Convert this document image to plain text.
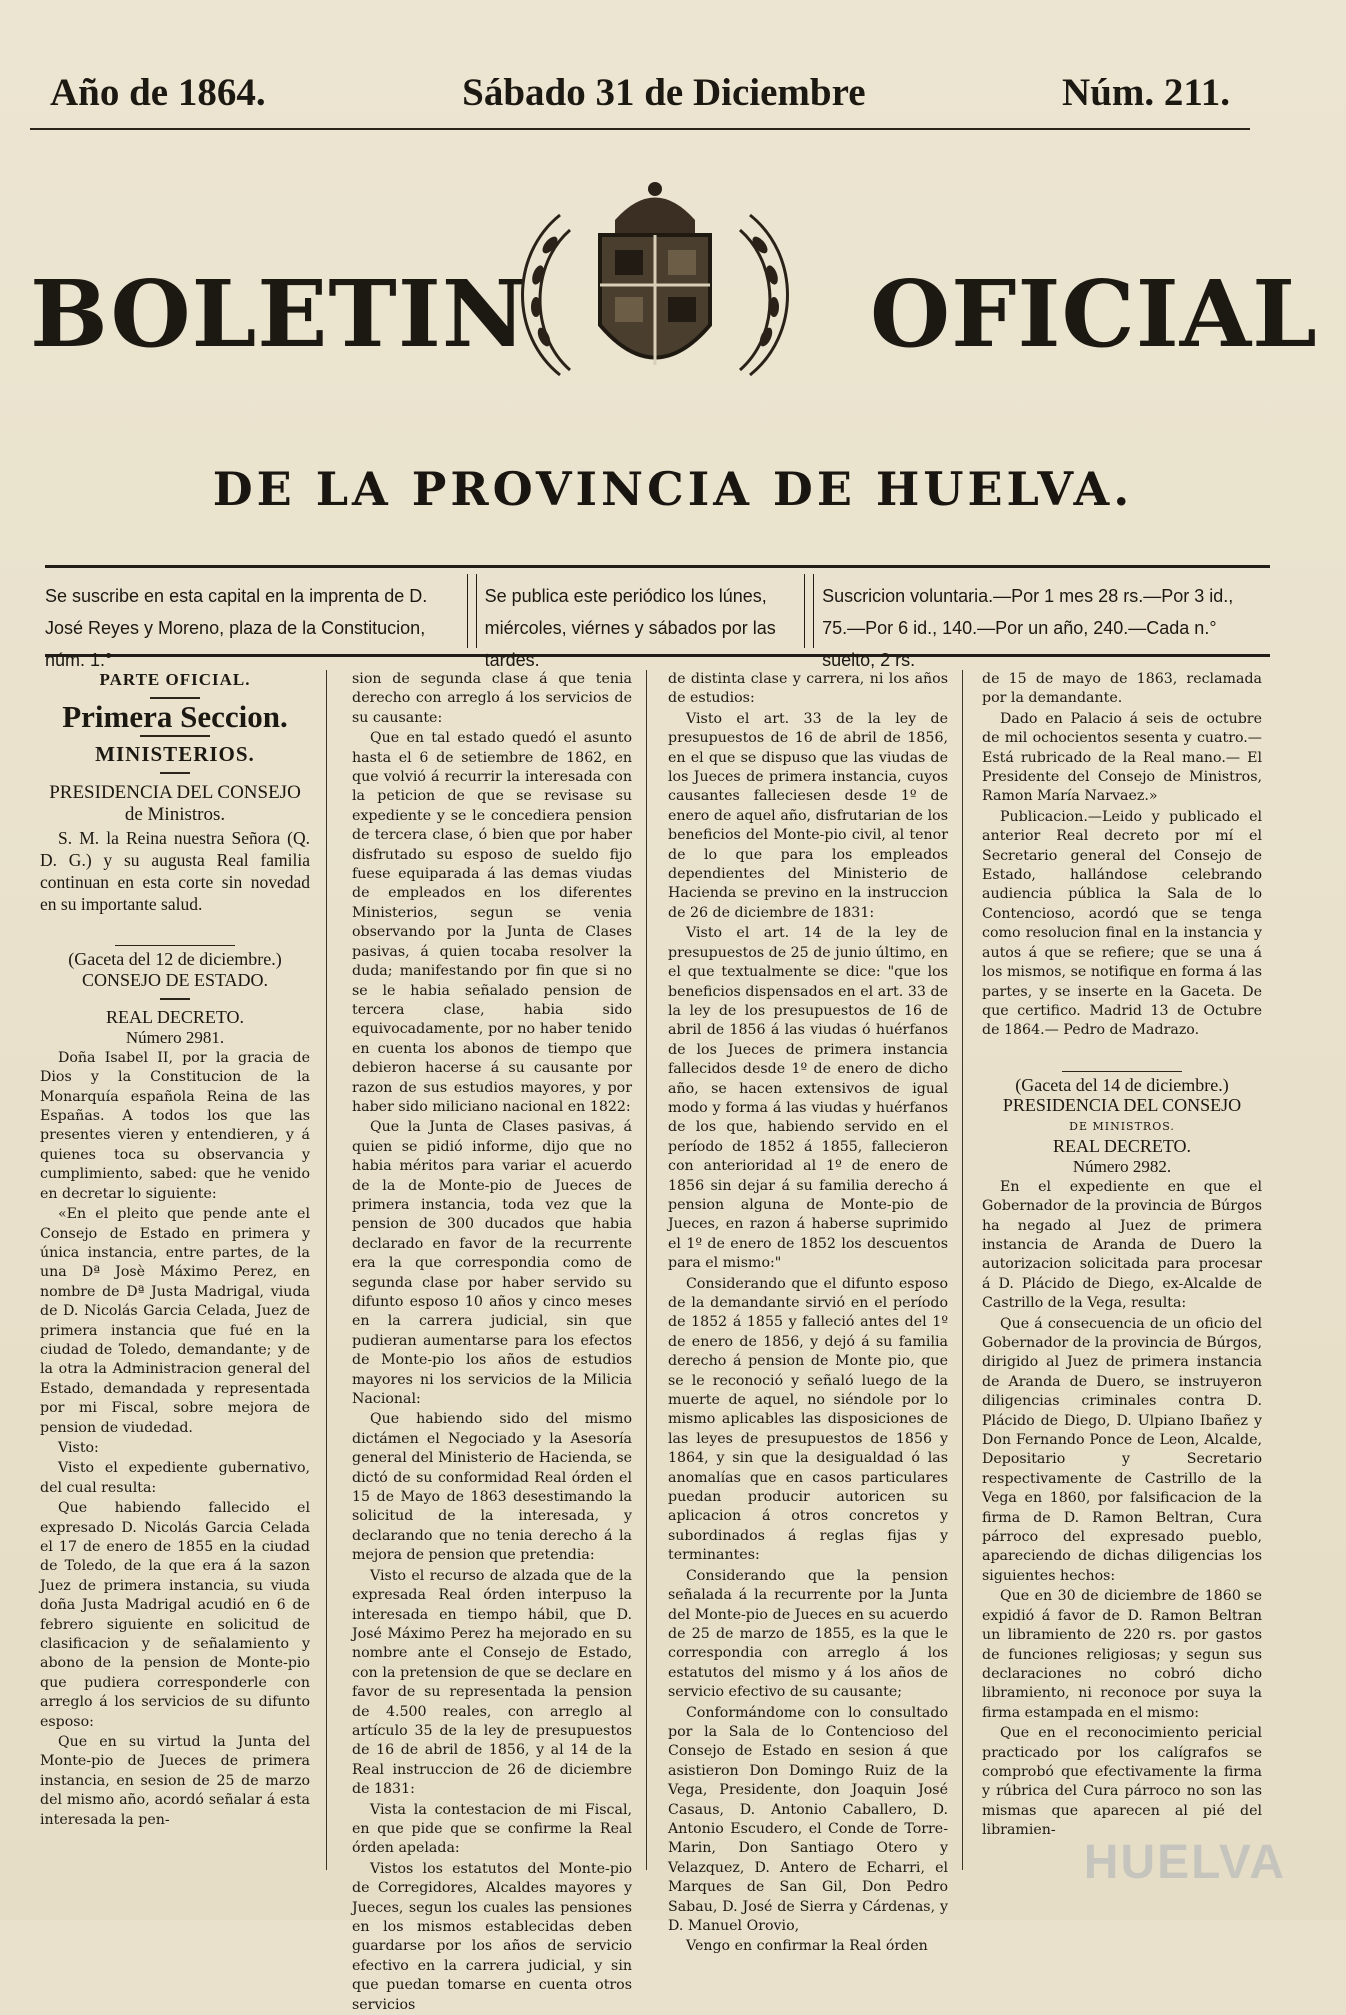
Año de 1864.	Sábado 31 de Diciembre	Núm. 211.
BOLETIN	OFICIAL
DE LA PROVINCIA DE HUELVA.
Se suscribe en esta capital en la imprenta de D. José Reyes y Moreno, plaza de la Constitucion, núm. 1.°
Se publica este periódico los lúnes, miércoles, viérnes y sábados por las tardes.
Suscricion voluntaria.—Por 1 mes 28 rs.—Por 3 id., 75.—Por 6 id., 140.—Por un año, 240.—Cada n.° suelto, 2 rs.

PARTE OFICIAL.

Primera Seccion.

MINISTERIOS.

PRESIDENCIA DEL CONSEJO de Ministros.

S. M. la Reina nuestra Señora (Q. D. G.) y su augusta Real familia continuan en esta corte sin novedad en su importante salud.

(Gaceta del 12 de diciembre.)

CONSEJO DE ESTADO.

REAL DECRETO.

Número 2981.

Doña Isabel II, por la gracia de Dios y la Constitucion de la Monarquía española Reina de las Españas. A todos los que las presentes vieren y entendieren, y á quienes toca su observancia y cumplimiento, sabed: que he venido en decretar lo siguiente:

«En el pleito que pende ante el Consejo de Estado en primera y única instancia, entre partes, de la una Dª Josè Máximo Perez, en nombre de Dª Justa Madrigal, viuda de D. Nicolás Garcia Celada, Juez de primera instancia que fué en la ciudad de Toledo, demandante; y de la otra la Administracion general del Estado, demandada y representada por mi Fiscal, sobre mejora de pension de viudedad.

Visto:

Visto el expediente gubernativo, del cual resulta:

Que habiendo fallecido el expresado D. Nicolás Garcia Celada el 17 de enero de 1855 en la ciudad de Toledo, de la que era á la sazon Juez de primera instancia, su viuda doña Justa Madrigal acudió en 6 de febrero siguiente en solicitud de clasificacion y de señalamiento y abono de la pension de Monte-pio que pudiera corresponderle con arreglo á los servicios de su difunto esposo:

Que en su virtud la Junta del Monte-pio de Jueces de primera instancia, en sesion de 25 de marzo del mismo año, acordó señalar á esta interesada la pen-

sion de segunda clase á que tenia derecho con arreglo á los servicios de su causante:

Que en tal estado quedó el asunto hasta el 6 de setiembre de 1862, en que volvió á recurrir la interesada con la peticion de que se revisase su expediente y se le concediera pension de tercera clase, ó bien que por haber disfrutado su esposo de sueldo fijo fuese equiparada á las demas viudas de empleados en los diferentes Ministerios, segun se venia observando por la Junta de Clases pasivas, á quien tocaba resolver la duda; manifestando por fin que si no se le habia señalado pension de tercera clase, habia sido equivocadamente, por no haber tenido en cuenta los abonos de tiempo que debieron hacerse á su causante por razon de sus estudios mayores, y por haber sido miliciano nacional en 1822:

Que la Junta de Clases pasivas, á quien se pidió informe, dijo que no habia méritos para variar el acuerdo de la de Monte-pio de Jueces de primera instancia, toda vez que la pension de 300 ducados que habia declarado en favor de la recurrente era la que correspondia como de segunda clase por haber servido su difunto esposo 10 años y cinco meses en la carrera judicial, sin que pudieran aumentarse para los efectos de Monte-pio los años de estudios mayores ni los servicios de la Milicia Nacional:

Que habiendo sido del mismo dictámen el Negociado y la Asesoría general del Ministerio de Hacienda, se dictó de su conformidad Real órden el 15 de Mayo de 1863 desestimando la solicitud de la interesada, y declarando que no tenia derecho á la mejora de pension que pretendia:

Visto el recurso de alzada que de la expresada Real órden interpuso la interesada en tiempo hábil, que D. José Máximo Perez ha mejorado en su nombre ante el Consejo de Estado, con la pretension de que se declare en favor de su representada la pension de 4.500 reales, con arreglo al artículo 35 de la ley de presupuestos de 16 de abril de 1856, y al 14 de la Real instruccion de 26 de diciembre de 1831:

Vista la contestacion de mi Fiscal, en que pide que se confirme la Real órden apelada:

Vistos los estatutos del Monte-pio de Corregidores, Alcaldes mayores y Jueces, segun los cuales las pensiones en los mismos establecidas deben guardarse por los años de servicio efectivo en la carrera judicial, y sin que puedan tomarse en cuenta otros servicios

de distinta clase y carrera, ni los años de estudios:

Visto el art. 33 de la ley de presupuestos de 16 de abril de 1856, en el que se dispuso que las viudas de los Jueces de primera instancia, cuyos causantes falleciesen desde 1º de enero de aquel año, disfrutarian de los beneficios del Monte-pio civil, al tenor de lo que para los empleados dependientes del Ministerio de Hacienda se previno en la instruccion de 26 de diciembre de 1831:

Visto el art. 14 de la ley de presupuestos de 25 de junio último, en el que textualmente se dice: "que los beneficios dispensados en el art. 33 de la ley de los presupuestos de 16 de abril de 1856 á las viudas ó huérfanos de los Jueces de primera instancia fallecidos desde 1º de enero de dicho año, se hacen extensivos de igual modo y forma á las viudas y huérfanos de los que, habiendo servido en el período de 1852 á 1855, fallecieron con anterioridad al 1º de enero de 1856 sin dejar á su familia derecho á pension alguna de Monte-pio de Jueces, en razon á haberse suprimido el 1º de enero de 1852 los descuentos para el mismo:"

Considerando que el difunto esposo de la demandante sirvió en el período de 1852 á 1855 y falleció antes del 1º de enero de 1856, y dejó á su familia derecho á pension de Monte pio, que se le reconoció y señaló luego de la muerte de aquel, no siéndole por lo mismo aplicables las disposiciones de las leyes de presupuestos de 1856 y 1864, y sin que la desigualdad ó las anomalías que en casos particulares puedan producir autoricen su aplicacion á otros concretos y subordinados á reglas fijas y terminantes:

Considerando que la pension señalada á la recurrente por la Junta del Monte-pio de Jueces en su acuerdo de 25 de marzo de 1855, es la que le correspondia con arreglo á los estatutos del mismo y á los años de servicio efectivo de su causante;

Conformándome con lo consultado por la Sala de lo Contencioso del Consejo de Estado en sesion á que asistieron Don Domingo Ruiz de la Vega, Presidente, don Joaquin José Casaus, D. Antonio Caballero, D. Antonio Escudero, el Conde de Torre-Marin, Don Santiago Otero y Velazquez, D. Antero de Echarri, el Marques de San Gil, Don Pedro Sabau, D. José de Sierra y Cárdenas, y D. Manuel Orovio,

Vengo en confirmar la Real órden

de 15 de mayo de 1863, reclamada por la demandante.

Dado en Palacio á seis de octubre de mil ochocientos sesenta y cuatro.— Está rubricado de la Real mano.— El Presidente del Consejo de Ministros, Ramon María Narvaez.»

Publicacion.—Leido y publicado el anterior Real decreto por mí el Secretario general del Consejo de Estado, hallándose celebrando audiencia pública la Sala de lo Contencioso, acordó que se tenga como resolucion final en la instancia y autos á que se refiere; que se una á los mismos, se notifique en forma á las partes, y se inserte en la Gaceta. De que certifico. Madrid 13 de Octubre de 1864.— Pedro de Madrazo.

(Gaceta del 14 de diciembre.)

PRESIDENCIA DEL CONSEJO

DE MINISTROS.

REAL DECRETO.

Número 2982.

En el expediente en que el Gobernador de la provincia de Búrgos ha negado al Juez de primera instancia de Aranda de Duero la autorizacion solicitada para procesar á D. Plácido de Diego, ex-Alcalde de Castrillo de la Vega, resulta:

Que á consecuencia de un oficio del Gobernador de la provincia de Búrgos, dirigido al Juez de primera instancia de Aranda de Duero, se instruyeron diligencias criminales contra D. Plácido de Diego, D. Ulpiano Ibañez y Don Fernando Ponce de Leon, Alcalde, Depositario y Secretario respectivamente de Castrillo de la Vega en 1860, por falsificacion de la firma de D. Ramon Beltran, Cura párroco del expresado pueblo, apareciendo de dichas diligencias los siguientes hechos:

Que en 30 de diciembre de 1860 se expidió á favor de D. Ramon Beltran un libramiento de 220 rs. por gastos de funciones religiosas; y segun sus declaraciones no cobró dicho libramiento, ni reconoce por suya la firma estampada en el mismo:

Que en el reconocimiento pericial practicado por los calígrafos se comprobó que efectivamente la firma y rúbrica del Cura párroco no son las mismas que aparecen al pié del libramien-

HUELVA
